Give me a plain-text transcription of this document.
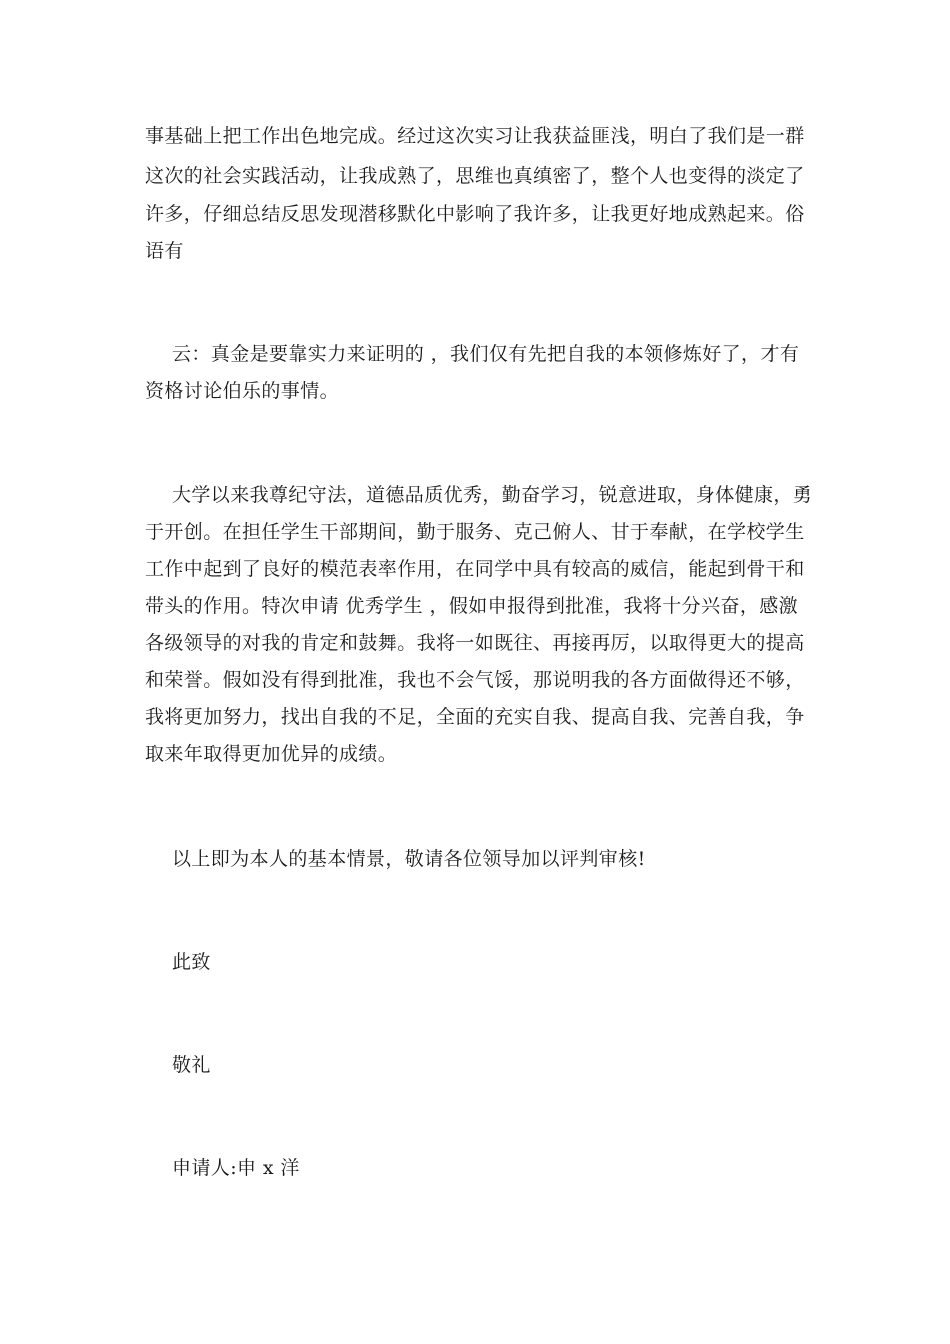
事基础上把工作出色地完成。经过这次实习让我获益匪浅，明白了我们是一群
这次的社会实践活动，让我成熟了，思维也真缜密了，整个人也变得的淡定了
许多，仔细总结反思发现潜移默化中影响了我许多，让我更好地成熟起来。俗
语有
云：真金是要靠实力来证明的 ，我们仅有先把自我的本领修炼好了，才有
资格讨论伯乐的事情。
大学以来我尊纪守法，道德品质优秀，勤奋学习，锐意进取，身体健康，勇
于开创。在担任学生干部期间，勤于服务、克己俯人、甘于奉献，在学校学生
工作中起到了良好的模范表率作用，在同学中具有较高的威信，能起到骨干和
带头的作用。特次申请 优秀学生 ，假如申报得到批准，我将十分兴奋，感激
各级领导的对我的肯定和鼓舞。我将一如既往、再接再厉，以取得更大的提高
和荣誉。假如没有得到批准，我也不会气馁，那说明我的各方面做得还不够，
我将更加努力，找出自我的不足，全面的充实自我、提高自我、完善自我，争
取来年取得更加优异的成绩。
以上即为本人的基本情景，敬请各位领导加以评判审核!
此致
敬礼
申请人:申 x 洋
